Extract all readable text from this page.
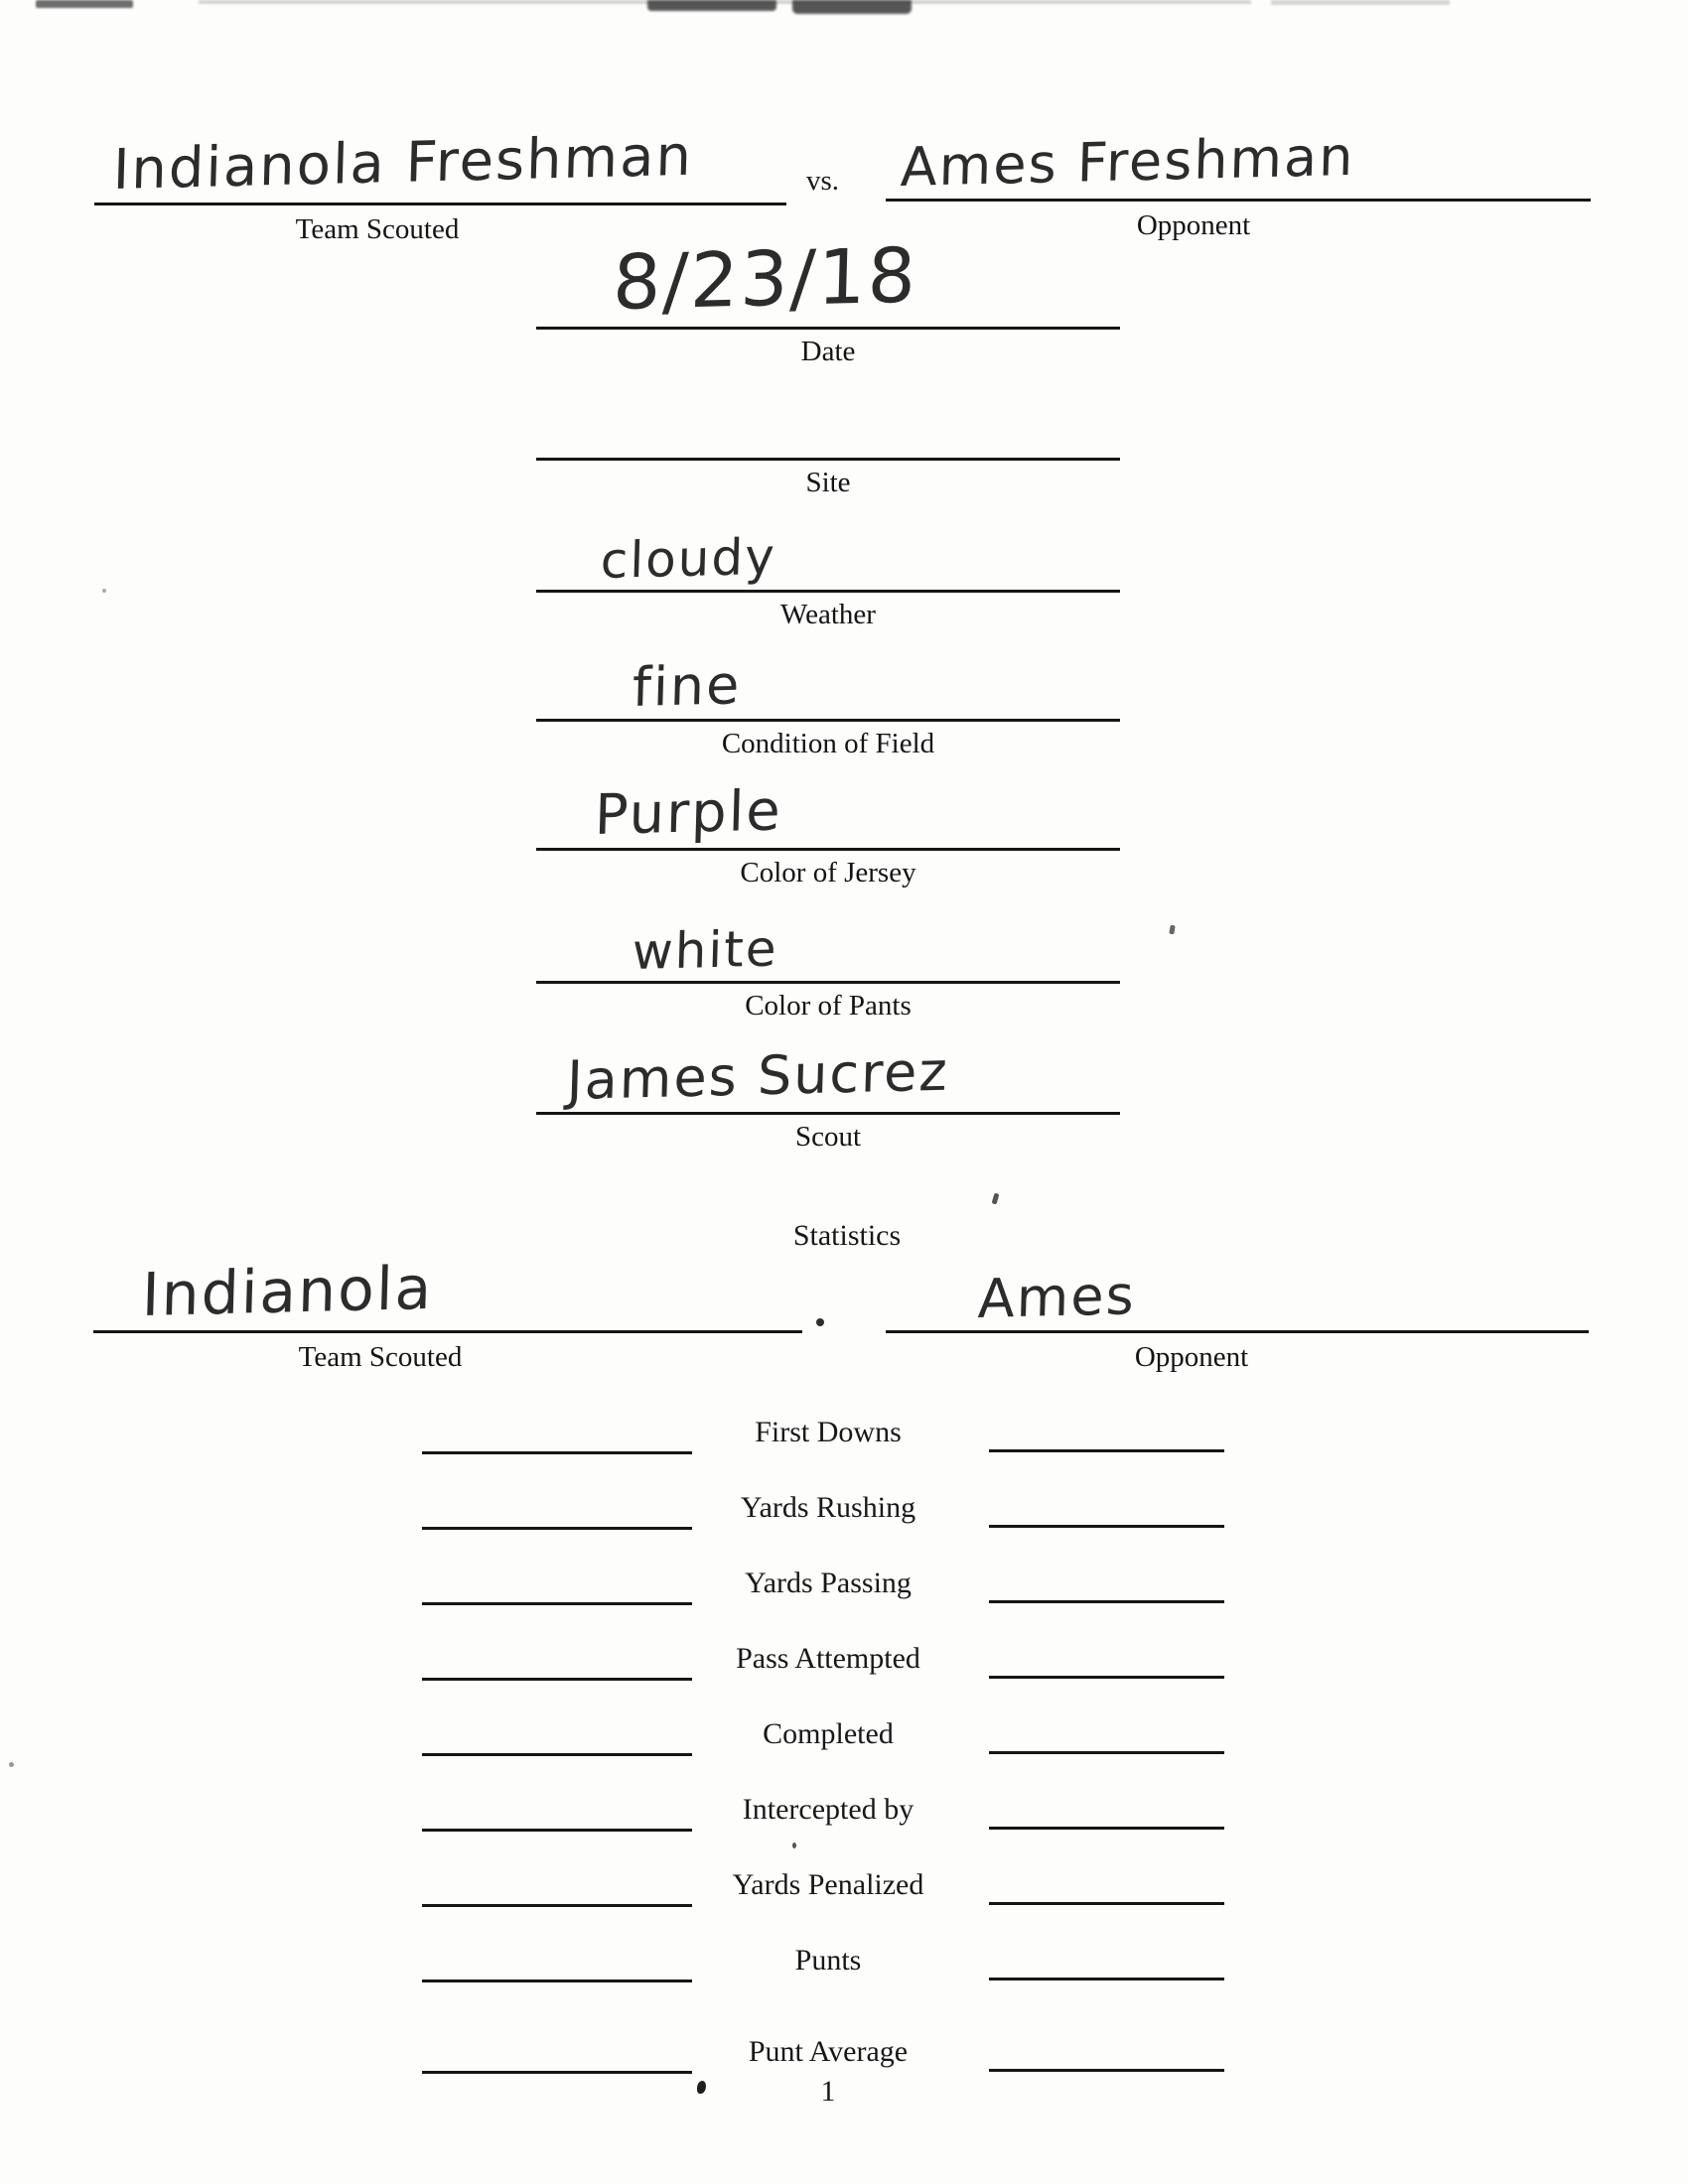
Indianola Freshman
Team Scouted
vs. Ames Freshman
Opponent
8/23/18
Date
Site
cloudy
Weather
fine
Condition of Field
Purple
Color of Jersey
white
Color of Pants
James Sucrez
Scout
Statistics
Indianola
Team Scouted
Ames
Opponent
First Downs
Yards Rushing
Yards Passing
Pass Attempted
Completed
Intercepted by
Yards Penalized
Punts
Punt Average
1
